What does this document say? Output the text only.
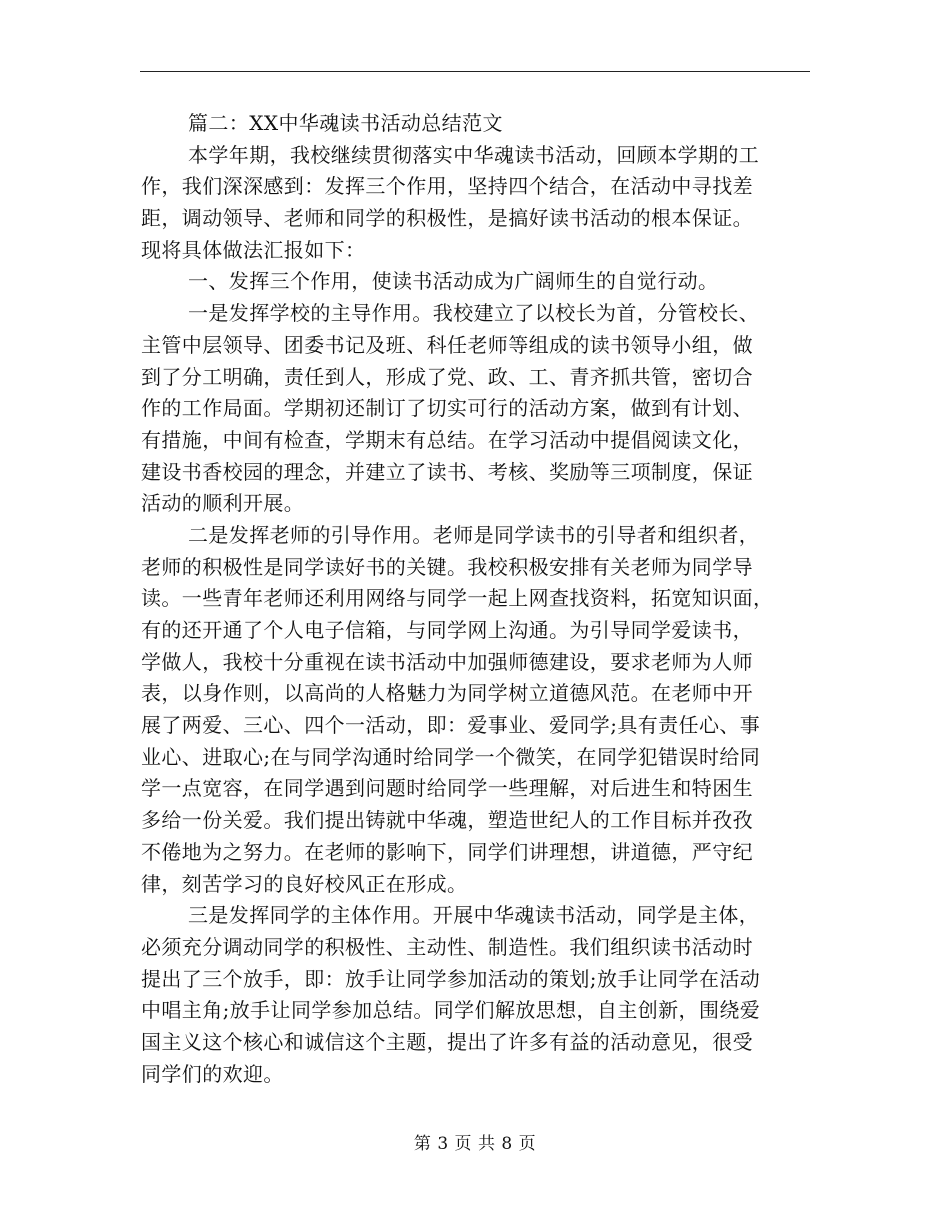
篇二：XX中华魂读书活动总结范文
本学年期，我校继续贯彻落实中华魂读书活动，回顾本学期的工
作，我们深深感到：发挥三个作用，坚持四个结合，在活动中寻找差
距，调动领导、老师和同学的积极性，是搞好读书活动的根本保证。
现将具体做法汇报如下：
一、发挥三个作用，使读书活动成为广阔师生的自觉行动。
一是发挥学校的主导作用。我校建立了以校长为首，分管校长、
主管中层领导、团委书记及班、科任老师等组成的读书领导小组，做
到了分工明确，责任到人，形成了党、政、工、青齐抓共管，密切合
作的工作局面。学期初还制订了切实可行的活动方案，做到有计划、
有措施，中间有检查，学期末有总结。在学习活动中提倡阅读文化，
建设书香校园的理念，并建立了读书、考核、奖励等三项制度，保证
活动的顺利开展。
二是发挥老师的引导作用。老师是同学读书的引导者和组织者，
老师的积极性是同学读好书的关键。我校积极安排有关老师为同学导
读。一些青年老师还利用网络与同学一起上网查找资料，拓宽知识面，
有的还开通了个人电子信箱，与同学网上沟通。为引导同学爱读书，
学做人，我校十分重视在读书活动中加强师德建设，要求老师为人师
表，以身作则，以高尚的人格魅力为同学树立道德风范。在老师中开
展了两爱、三心、四个一活动，即：爱事业、爱同学;具有责任心、事
业心、进取心;在与同学沟通时给同学一个微笑，在同学犯错误时给同
学一点宽容，在同学遇到问题时给同学一些理解，对后进生和特困生
多给一份关爱。我们提出铸就中华魂，塑造世纪人的工作目标并孜孜
不倦地为之努力。在老师的影响下，同学们讲理想，讲道德，严守纪
律，刻苦学习的良好校风正在形成。
三是发挥同学的主体作用。开展中华魂读书活动，同学是主体，
必须充分调动同学的积极性、主动性、制造性。我们组织读书活动时
提出了三个放手，即：放手让同学参加活动的策划;放手让同学在活动
中唱主角;放手让同学参加总结。同学们解放思想，自主创新，围绕爱
国主义这个核心和诚信这个主题，提出了许多有益的活动意见，很受
同学们的欢迎。
第 3 页 共 8 页
